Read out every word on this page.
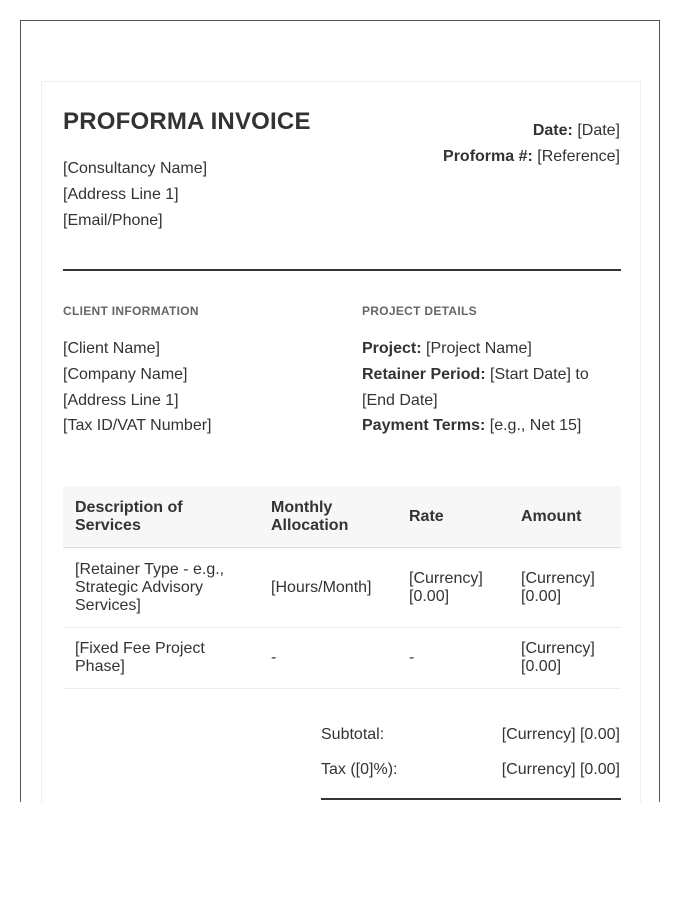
PROFORMA INVOICE
[Consultancy Name]
[Address Line 1]
[Email/Phone]
Date: [Date]
Proforma #: [Reference]
CLIENT INFORMATION
[Client Name]
[Company Name]
[Address Line 1]
[Tax ID/VAT Number]
PROJECT DETAILS
Project: [Project Name]
Retainer Period: [Start Date] to
[End Date]
Payment Terms: [e.g., Net 15]
Description of Services	Monthly Allocation	Rate	Amount
[Retainer Type - e.g., Strategic Advisory Services]	[Hours/Month]	[Currency] [0.00]	[Currency] [0.00]
[Fixed Fee Project Phase]	-	-	[Currency] [0.00]
Subtotal:	[Currency] [0.00]
Tax ([0]%):	[Currency] [0.00]
